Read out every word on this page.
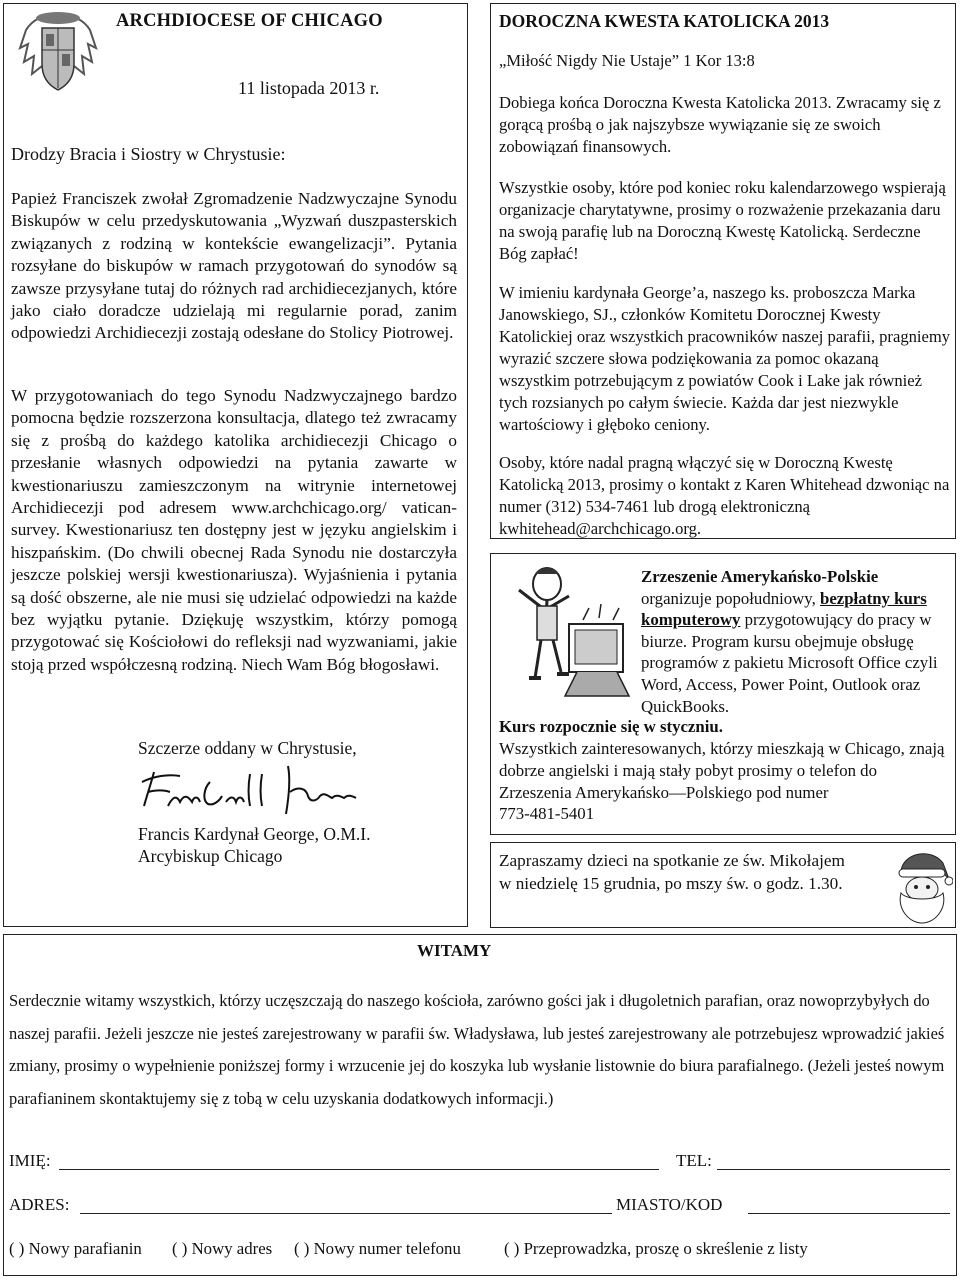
ARCHDIOCESE OF CHICAGO
11 listopada 2013 r.
Drodzy Bracia i Siostry w Chrystusie:

Papież Franciszek zwołał Zgromadzenie Nadzwyczajne Synodu Biskupów w celu przedyskutowania „Wyzwań duszpasterskich związanych z rodziną w kontekście ewangelizacji”. Pytania rozsyłane do biskupów w ramach przygotowań do synodów są zawsze przysyłane tutaj do różnych rad archidiecezjanych, które jako ciało doradcze udzielają mi regularnie porad, zanim odpowiedzi Archidiecezji zostają odesłane do Stolicy Piotrowej.

W przygotowaniach do tego Synodu Nadzwyczajnego bardzo pomocna będzie rozszerzona konsultacja, dlatego też zwracamy się z prośbą do każdego katolika archidiecezji Chicago o przesłanie własnych odpowiedzi na pytania zawarte w kwestionariuszu zamieszczonym na witrynie internetowej Archidiecezji pod adresem www.archchicago.org/ vatican-survey. Kwestionariusz ten dostępny jest w języku angielskim i hiszpańskim. (Do chwili obecnej Rada Synodu nie dostarczyła jeszcze polskiej wersji kwestionariusza). Wyjaśnienia i pytania są dość obszerne, ale nie musi się udzielać odpowiedzi na każde bez wyjątku pytanie. Dziękuję wszystkim, którzy pomogą przygotować się Kościołowi do refleksji nad wyzwaniami, jakie stoją przed współczesną rodziną. Niech Wam Bóg błogosławi.

Szczerze oddany w Chrystusie,
Francis Kardynał George, O.M.I.
Arcybiskup Chicago
DOROCZNA KWESTA KATOLICKA 2013
„Miłość Nigdy Nie Ustaje” 1 Kor 13:8

Dobiega końca Doroczna Kwesta Katolicka 2013. Zwracamy się z gorącą prośbą o jak najszybsze wywiązanie się ze swoich zobowiązań finansowych.

Wszystkie osoby, które pod koniec roku kalendarzowego wspierają organizacje charytatywne, prosimy o rozważenie przekazania daru na swoją parafię lub na Doroczną Kwestę Katolicką. Serdeczne Bóg zapłać!

W imieniu kardynała George’a, naszego ks. proboszcza Marka Janowskiego, SJ., członków Komitetu Dorocznej Kwesty Katolickiej oraz wszystkich pracowników naszej parafii, pragniemy wyrazić szczere słowa podziękowania za pomoc okazaną wszystkim potrzebującym z powiatów Cook i Lake jak również tych rozsianych po całym świecie. Każda dar jest niezwykle wartościowy i głęboko ceniony.

Osoby, które nadal pragną włączyć się w Doroczną Kwestę Katolicką 2013, prosimy o kontakt z Karen Whitehead dzwoniąc na numer (312) 534-7461 lub drogą elektroniczną kwhitehead@archchicago.org.

Zrzeszenie Amerykańsko-Polskie organizuje popołudniowy, bezpłatny kurs komputerowy przygotowujący do pracy w biurze. Program kursu obejmuje obsługę programów z pakietu Microsoft Office czyli Word, Access, Power Point, Outlook oraz QuickBooks.

Kurs rozpocznie się w styczniu.

Wszystkich zainteresowanych, którzy mieszkają w Chicago, znają dobrze angielski i mają stały pobyt prosimy o telefon do Zrzeszenia Amerykańsko—Polskiego pod numer

773-481-5401

Zapraszamy dzieci na spotkanie ze św. Mikołajem w niedzielę 15 grudnia, po mszy św. o godz. 1.30.

WITAMY

Serdecznie witamy wszystkich, którzy uczęszczają do naszego kościoła, zarówno gości jak i długoletnich parafian, oraz nowoprzybyłych do naszej parafii. Jeżeli jeszcze nie jesteś zarejestrowany w parafii św. Władysława, lub jesteś zarejestrowany ale potrzebujesz wprowadzić jakieś zmiany, prosimy o wypełnienie poniższej formy i wrzucenie jej do koszyka lub wysłanie listownie do biura parafialnego. (Jeżeli jesteś nowym parafianinem skontaktujemy się z tobą w celu uzyskania dodatkowych informacji.)

IMIĘ:	TEL:
ADRES:	MIASTO/KOD
( ) Nowy parafianin ( ) Nowy adres ( ) Nowy numer telefonu	( ) Przeprowadzka, proszę o skreślenie z listy
